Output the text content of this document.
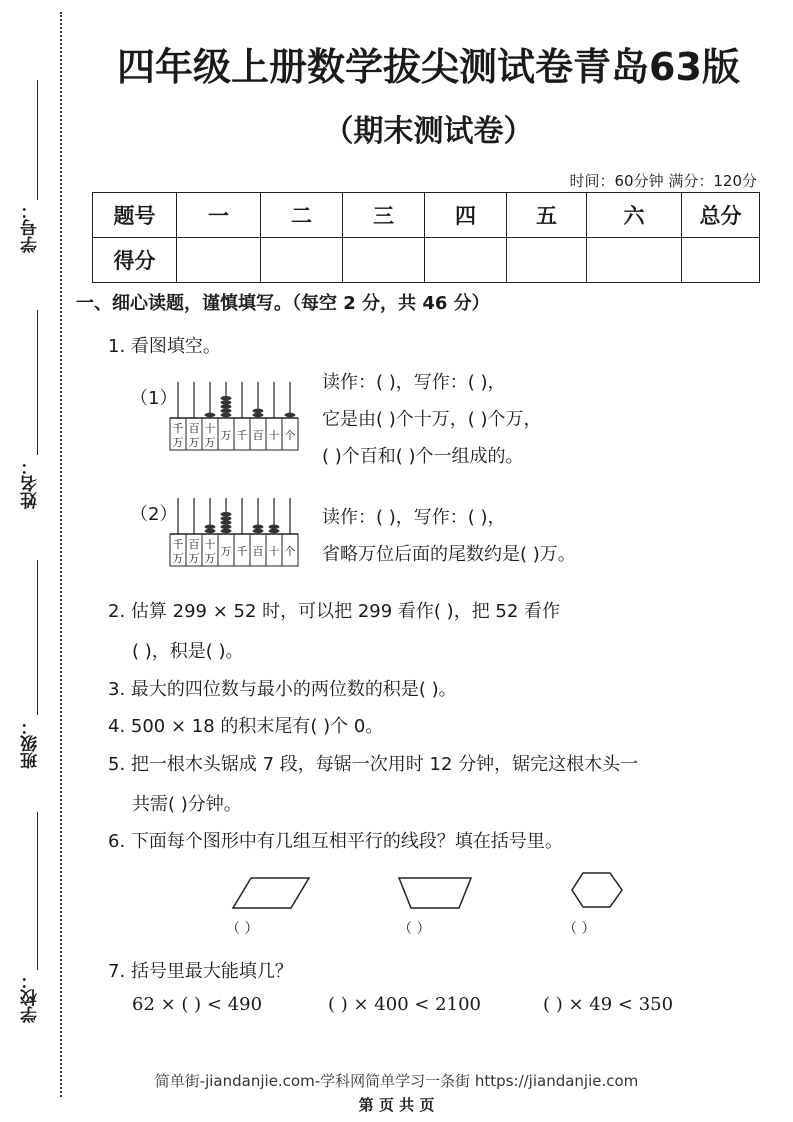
学号：
姓名：
班级：
学校：
四年级上册数学拔尖测试卷青岛63版
（期末测试卷）
时间：60分钟 满分：120分
题号	一	二	三	四	五	六	总分
得分							
一、细心读题，谨慎填写。（每空 2 分，共 46 分）
1. 看图填空。
（1）
千
万
百
万
十
万
万 千 百 十 个
读作：( )，写作：( )，
它是由( )个十万，( )个万，
( )个百和( )个一组成的。
（2）
千
万
百
万
十
万
万 千 百 十 个
读作：( )，写作：( )，
省略万位后面的尾数约是( )万。
2. 估算 299 × 52 时，可以把 299 看作( )，把 52 看作
( )，积是( )。
3. 最大的四位数与最小的两位数的积是( )。
4. 500 × 18 的积末尾有( )个 0。
5. 把一根木头锯成 7 段，每锯一次用时 12 分钟，锯完这根木头一
共需( )分钟。
6. 下面每个图形中有几组互相平行的线段？填在括号里。
（ ）	（ ）	（ ）
7. 括号里最大能填几？
62 × ( ) < 490	( ) × 400 < 2100	( ) × 49 < 350
简单街-jiandanjie.com-学科网简单学习一条街 https://jiandanjie.com
第 页 共 页
